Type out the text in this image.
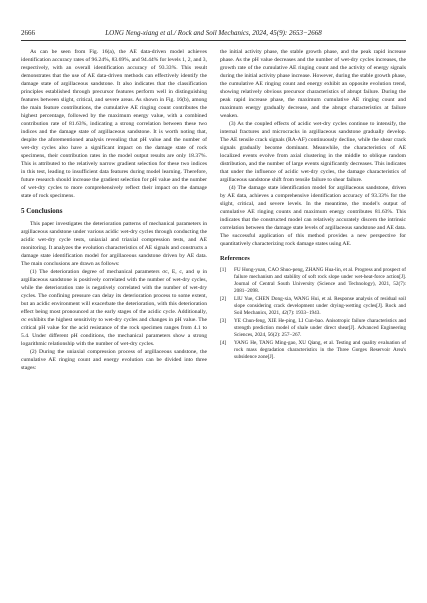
2666	LONG Neng-xiang et al./ Rock and Soil Mechanics, 2024, 45(9): 2653−2668

As can be seen from Fig. 16(a), the AE data-driven model achieves identification accuracy rates of 96.24%, 83.69%, and 94.44% for levels 1, 2, and 3, respectively, with an overall identification accuracy of 93.33%. This result demonstrates that the use of AE data-driven methods can effectively identify the damage state of argillaceous sandstone. It also indicates that the classification principles established through precursor features perform well in distinguishing features between slight, critical, and severe areas. As shown in Fig. 16(b), among the main feature contributions, the cumulative AE ringing count contributes the highest percentage, followed by the maximum energy value, with a combined contribution rate of 81.63%, indicating a strong correlation between these two indices and the damage state of argillaceous sandstone. It is worth noting that, despite the aforementioned analysis revealing that pH value and the number of wet-dry cycles also have a significant impact on the damage state of rock specimens, their contribution rates in the model output results are only 18.37%. This is attributed to the relatively narrow gradient selection for these two indices in this test, leading to insufficient data features during model learning. Therefore, future research should increase the gradient selection for pH value and the number of wet-dry cycles to more comprehensively reflect their impact on the damage state of rock specimens.

5 Conclusions

This paper investigates the deterioration patterns of mechanical parameters in argillaceous sandstone under various acidic wet-dry cycles through conducting the acidic wet-dry cycle tests, uniaxial and triaxial compression tests, and AE monitoring. It analyzes the evolution characteristics of AE signals and constructs a damage state identification model for argillaceous sandstone driven by AE data. The main conclusions are drawn as follows:

(1) The deterioration degree of mechanical parameters σc, E, c, and φ in argillaceous sandstone is positively correlated with the number of wet-dry cycles, while the deterioration rate is negatively correlated with the number of wet-dry cycles. The confining pressure can delay its deterioration process to some extent, but an acidic environment will exacerbate the deterioration, with this deterioration effect being most pronounced at the early stages of the acidic cycle. Additionally, σc exhibits the highest sensitivity to wet-dry cycles and changes in pH value. The critical pH value for the acid resistance of the rock specimen ranges from 4.1 to 5.4. Under different pH conditions, the mechanical parameters show a strong logarithmic relationship with the number of wet-dry cycles.

(2) During the uniaxial compression process of argillaceous sandstone, the cumulative AE ringing count and energy evolution can be divided into three stages:

the initial activity phase, the stable growth phase, and the peak rapid increase phase. As the pH value decreases and the number of wet-dry cycles increases, the growth rate of the cumulative AE ringing count and the activity of energy signals during the initial activity phase increase. However, during the stable growth phase, the cumulative AE ringing count and energy exhibit an opposite evolution trend, showing relatively obvious precursor characteristics of abrupt failure. During the peak rapid increase phase, the maximum cumulative AE ringing count and maximum energy gradually decrease, and the abrupt characteristics at failure weaken.

(3) As the coupled effects of acidic wet-dry cycles continue to intensify, the internal fractures and microcracks in argillaceous sandstone gradually develop. The AE tensile crack signals (RA-AF) continuously decline, while the shear crack signals gradually become dominant. Meanwhile, the characteristics of AE localized events evolve from axial clustering in the middle to oblique random distribution, and the number of large events significantly decreases. This indicates that under the influence of acidic wet-dry cycles, the damage characteristics of argillaceous sandstone shift from tensile failure to shear failure.

(4) The damage state identification model for argillaceous sandstone, driven by AE data, achieves a comprehensive identification accuracy of 93.33% for the slight, critical, and severe levels. In the meantime, the model's output of cumulative AE ringing counts and maximum energy contributes 81.63%. This indicates that the constructed model can relatively accurately discern the intrinsic correlation between the damage state levels of argillaceous sandstone and AE data. The successful application of this method provides a new perspective for quantitatively characterizing rock damage states using AE.

References
[1]	FU Hong-yuan, CAO Shuo-peng, ZHANG Hua-lin, et al. Progress and prospect of failure mechanism and stability of soft rock slope under wet-heat-force action[J]. Journal of Central South University (Science and Technology), 2021, 52(7): 2081−2098.
[2]	LIU Yue, CHEN Dong-xia, WANG Hui, et al. Response analysis of residual soil slope considering crack development under drying-wetting cycles[J]. Rock and Soil Mechanics, 2021, 42(7): 1933−1943.
[3]	YE Chun-feng, XIE He-ping, LI Cun-bao. Anisotropic failure characteristics and strength prediction model of shale under direct shear[J]. Advanced Engineering Sciences, 2024, 56(2): 257−267.
[4]	YANG He, TANG Ming-gao, XU Qiang, et al. Testing and quality evaluation of rock mass degradation characteristics in the Three Gorges Reservoir Area's subsidence zone[J].
